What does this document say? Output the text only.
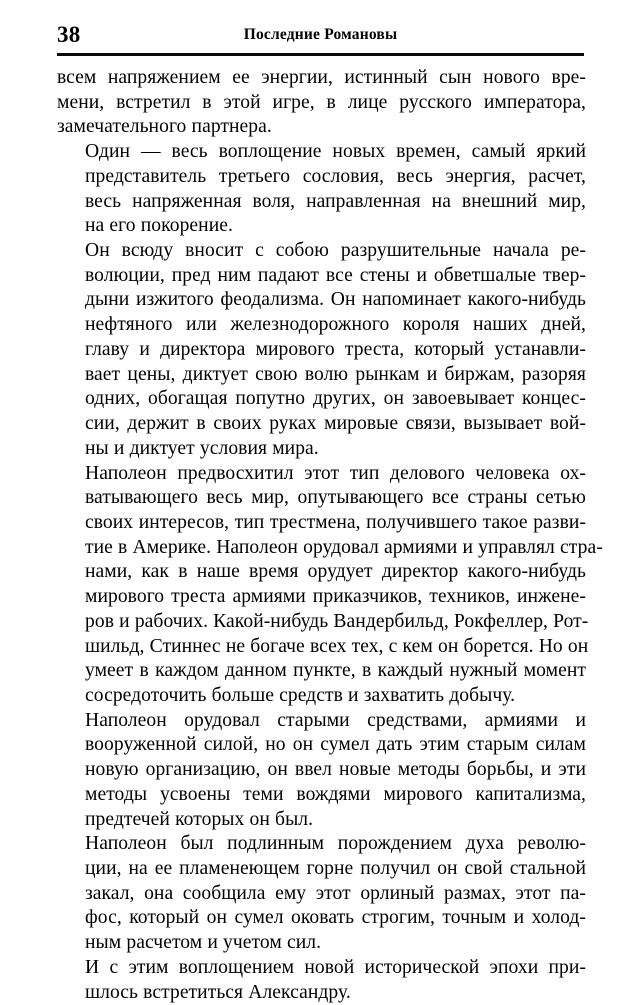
38	Последние Романовы

всем напряжением ее энергии, истинный сын нового вре-
мени, встретил в этой игре, в лице русского императора,
замечательного партнера.

Один — весь воплощение новых времен, самый яркий
представитель третьего сословия, весь энергия, расчет,
весь напряженная воля, направленная на внешний мир,
на его покорение.

Он всюду вносит с собою разрушительные начала ре-
волюции, пред ним падают все стены и обветшалые твер-
дыни изжитого феодализма. Он напоминает какого-нибудь
нефтяного или железнодорожного короля наших дней,
главу и директора мирового треста, который устанавли-
вает цены, диктует свою волю рынкам и биржам, разоряя
одних, обогащая попутно других, он завоевывает концес-
сии, держит в своих руках мировые связи, вызывает вой-
ны и диктует условия мира.

Наполеон предвосхитил этот тип делового человека ох-
ватывающего весь мир, опутывающего все страны сетью
своих интересов, тип трестмена, получившего такое разви-
тие в Америке. Наполеон орудовал армиями и управлял стра-
нами, как в наше время орудует директор какого-нибудь
мирового треста армиями приказчиков, техников, инжене-
ров и рабочих. Какой-нибудь Вандербильд, Рокфеллер, Рот-
шильд, Стиннес не богаче всех тех, с кем он борется. Но он
умеет в каждом данном пункте, в каждый нужный момент
сосредоточить больше средств и захватить добычу.

Наполеон орудовал старыми средствами, армиями и
вооруженной силой, но он сумел дать этим старым силам
новую организацию, он ввел новые методы борьбы, и эти
методы усвоены теми вождями мирового капитализма,
предтечей которых он был.

Наполеон был подлинным порождением духа револю-
ции, на ее пламенеющем горне получил он свой стальной
закал, она сообщила ему этот орлиный размах, этот па-
фос, который он сумел оковать строгим, точным и холод-
ным расчетом и учетом сил.

И с этим воплощением новой исторической эпохи при-
шлось встретиться Александру.
